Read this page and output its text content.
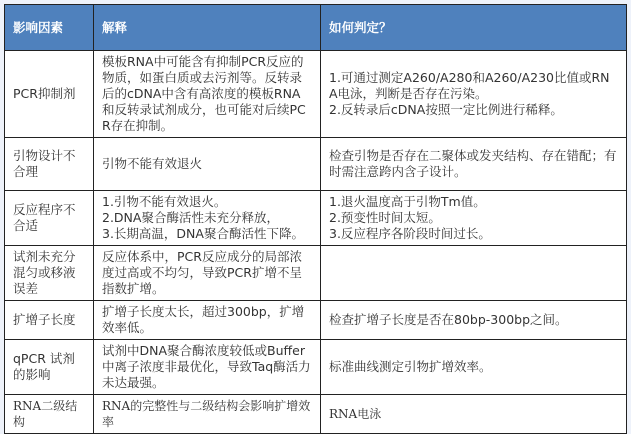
影响因素	解释	如何判定？
PCR抑制剂	模板RNA中可能含有抑制PCR反应的物质，如蛋白质或去污剂等。反转录后的cDNA中含有高浓度的模板RNA和反转录试剂成分，也可能对后续PCR存在抑制。	1.可通过测定A260/A280和A260/A230比值或RNA电泳，判断是否存在污染。
2.反转录后cDNA按照一定比例进行稀释。

引物设计不合理	引物不能有效退火	检查引物是否存在二聚体或发夹结构、存在错配；有时需注意跨内含子设计。

反应程序不合适	1.引物不能有效退火。
2.DNA聚合酶活性未充分释放，
3.长期高温，DNA聚合酶活性下降。	1.退火温度高于引物Tm值。
2.预变性时间太短。
3.反应程序各阶段时间过长。

试剂未充分混匀或移液误差	反应体系中，PCR反应成分的局部浓度过高或不均匀，导致PCR扩增不呈指数扩增。	

扩增子长度	扩增子长度太长，超过300bp，扩增效率低。	检查扩增子长度是否在80bp-300bp之间。

qPCR 试剂的影响	试剂中DNA聚合酶浓度较低或Buffer中离子浓度非最优化，导致Taq酶活力未达最强。	标准曲线测定引物扩增效率。

RNA二级结构	RNA的完整性与二级结构会影响扩增效率	RNA电泳
